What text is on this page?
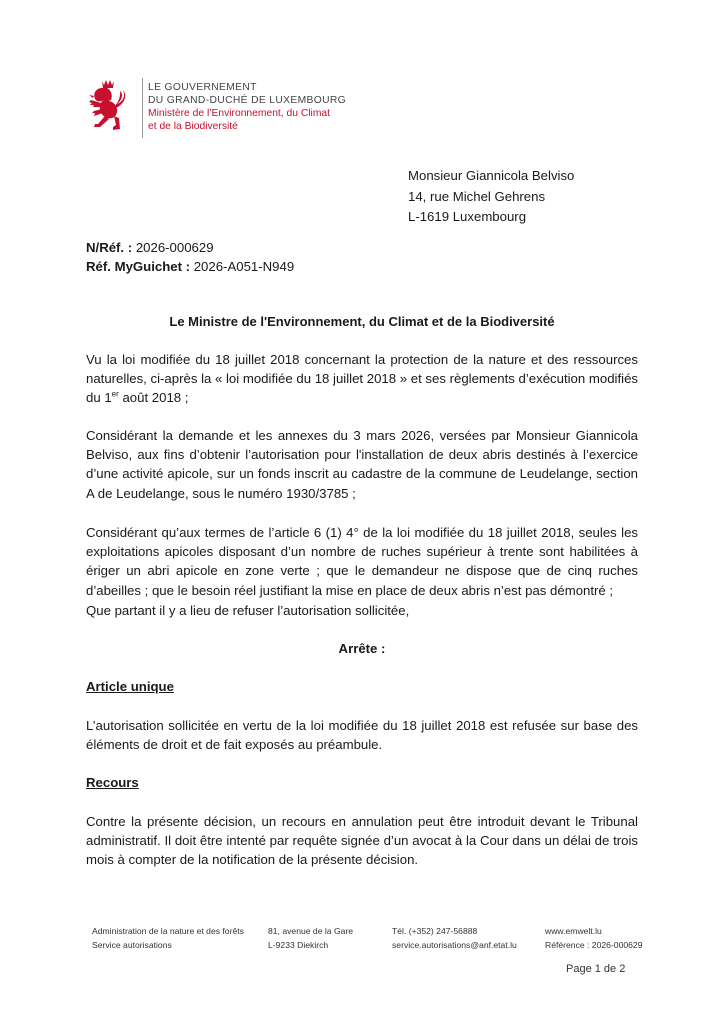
LE GOUVERNEMENT
DU GRAND-DUCHÉ DE LUXEMBOURG
Ministère de l’Environnement, du Climat
et de la Biodiversité
Monsieur Giannicola Belviso
14, rue Michel Gehrens
L-1619 Luxembourg
N/Réf. : 2026-000629
Réf. MyGuichet : 2026-A051-N949
Le Ministre de l'Environnement, du Climat et de la Biodiversité
Vu la loi modifiée du 18 juillet 2018 concernant la protection de la nature et des ressources naturelles, ci-après la « loi modifiée du 18 juillet 2018 » et ses règlements d’exécution modifiés du 1er août 2018 ;
Considérant la demande et les annexes du 3 mars 2026, versées par Monsieur Giannicola Belviso, aux fins d’obtenir l’autorisation pour l'installation de deux abris destinés à l’exercice d’une activité apicole, sur un fonds inscrit au cadastre de la commune de Leudelange, section A de Leudelange, sous le numéro 1930/3785 ;
Considérant qu’aux termes de l’article 6 (1) 4° de la loi modifiée du 18 juillet 2018, seules les exploitations apicoles disposant d’un nombre de ruches supérieur à trente sont habilitées à ériger un abri apicole en zone verte ; que le demandeur ne dispose que de cinq ruches d’abeilles ; que le besoin réel justifiant la mise en place de deux abris n’est pas démontré ;
Que partant il y a lieu de refuser l’autorisation sollicitée,
Arrête :
Article unique
L’autorisation sollicitée en vertu de la loi modifiée du 18 juillet 2018 est refusée sur base des éléments de droit et de fait exposés au préambule.
Recours
Contre la présente décision, un recours en annulation peut être introduit devant le Tribunal administratif. Il doit être intenté par requête signée d’un avocat à la Cour dans un délai de trois mois à compter de la notification de la présente décision.
Administration de la nature et des forêts
Service autorisations
81, avenue de la Gare
L-9233 Diekirch
Tél. (+352) 247-56888
service.autorisations@anf.etat.lu
www.emwelt.lu
Référence : 2026-000629
Page 1 de 2
